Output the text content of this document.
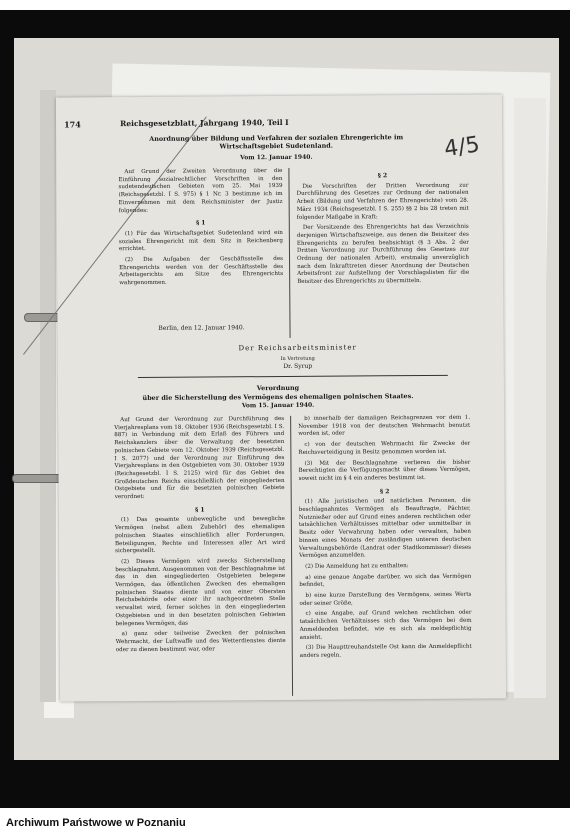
174	Reichsgesetzblatt, Jahrgang 1940, Teil I
4/5
Anordnung über Bildung und Verfahren der sozialen Ehrengerichte im Wirtschaftsgebiet Sudetenland.
Vom 12. Januar 1940.

Auf Grund der Zweiten Verordnung über die Einführung sozialrechtlicher Vorschriften in den sudetendeutschen Gebieten vom 25. Mai 1939 (Reichsgesetzbl. I S. 975) § 1 Nr. 3 bestimme ich im Einvernehmen mit dem Reichsminister der Justiz folgendes:

§ 1

(1) Für das Wirtschaftsgebiet Sudetenland wird ein soziales Ehrengericht mit dem Sitz in Reichenberg errichtet.

(2) Die Aufgaben der Geschäftsstelle des Ehrengerichts werden von der Geschäftsstelle des Arbeitsgerichts am Sitze des Ehrengerichts wahrgenommen.

Berlin, den 12. Januar 1940.
§ 2

Die Vorschriften der Dritten Verordnung zur Durchführung des Gesetzes zur Ordnung der nationalen Arbeit (Bildung und Verfahren der Ehrengerichte) vom 28. März 1934 (Reichsgesetzbl. I S. 255) §§ 2 bis 28 treten mit folgender Maßgabe in Kraft:

Der Vorsitzende des Ehrengerichts hat das Verzeichnis derjenigen Wirtschaftszweige, aus denen die Beisitzer des Ehrengerichts zu berufen beabsichtigt (§ 3 Abs. 2 der Dritten Verordnung zur Durchführung des Gesetzes zur Ordnung der nationalen Arbeit), erstmalig unverzüglich nach dem Inkrafttreten dieser Anordnung der Deutschen Arbeitsfront zur Aufstellung der Vorschlagslisten für die Beisitzer des Ehrengerichts zu übermitteln.

Der Reichsarbeitsminister
In Vertretung
Dr. Syrup
Verordnung
über die Sicherstellung des Vermögens des ehemaligen polnischen Staates.
Vom 15. Januar 1940.

Auf Grund der Verordnung zur Durchführung des Vierjahresplans vom 18. Oktober 1936 (Reichsgesetzbl. I S. 887) in Verbindung mit dem Erlaß des Führers und Reichskanzlers über die Verwaltung der besetzten polnischen Gebiete vom 12. Oktober 1939 (Reichsgesetzbl. I S. 2077) und der Verordnung zur Einführung des Vierjahresplans in den Ostgebieten vom 30. Oktober 1939 (Reichsgesetzbl. I S. 2125) wird für das Gebiet des Großdeutschen Reichs einschließlich der eingegliederten Ostgebiete und für die besetzten polnischen Gebiete verordnet:

§ 1

(1) Das gesamte unbewegliche und bewegliche Vermögen (nebst allem Zubehör) des ehemaligen polnischen Staates einschließlich aller Forderungen, Beteiligungen, Rechte und Interessen aller Art wird sichergestellt.

(2) Dieses Vermögen wird zwecks Sicherstellung beschlagnahmt. Ausgenommen von der Beschlagnahme ist das in den eingegliederten Ostgebieten belegene Vermögen, das öffentlichen Zwecken des ehemaligen polnischen Staates diente und von einer Obersten Reichsbehörde oder einer ihr nachgeordneten Stelle verwaltet wird, ferner solches in den eingegliederten Ostgebieten und in den besetzten polnischen Gebieten belegenes Vermögen, das

a) ganz oder teilweise Zwecken der polnischen Wehrmacht, der Luftwaffe und des Wetterdienstes diente oder zu dienen bestimmt war, oder

b) innerhalb der damaligen Reichsgrenzen vor dem 1. November 1918 von der deutschen Wehrmacht benutzt worden ist, oder

c) von der deutschen Wehrmacht für Zwecke der Reichsverteidigung in Besitz genommen worden ist.

(3) Mit der Beschlagnahme verlieren die bisher Berechtigten die Verfügungsmacht über dieses Vermögen, soweit nicht im § 4 ein anderes bestimmt ist.

§ 2

(1) Alle juristischen und natürlichen Personen, die beschlagnahmtes Vermögen als Beauftragte, Pächter, Nutznießer oder auf Grund eines anderen rechtlichen oder tatsächlichen Verhältnisses mittelbar oder unmittelbar in Besitz oder Verwahrung haben oder verwalten, haben binnen eines Monats der zuständigen unteren deutschen Verwaltungsbehörde (Landrat oder Stadtkommissar) dieses Vermögen anzumelden.

(2) Die Anmeldung hat zu enthalten:

a) eine genaue Angabe darüber, wo sich das Vermögen befindet,

b) eine kurze Darstellung des Vermögens, seines Werts oder seiner Größe,

c) eine Angabe, auf Grund welchen rechtlichen oder tatsächlichen Verhältnisses sich das Vermögen bei dem Anmeldenden befindet, wie es sich als meldepflichtig ansieht.

(3) Die Haupttreuhandstelle Ost kann die Anmeldepflicht anders regeln.

Archiwum Państwowe w Poznaniu
